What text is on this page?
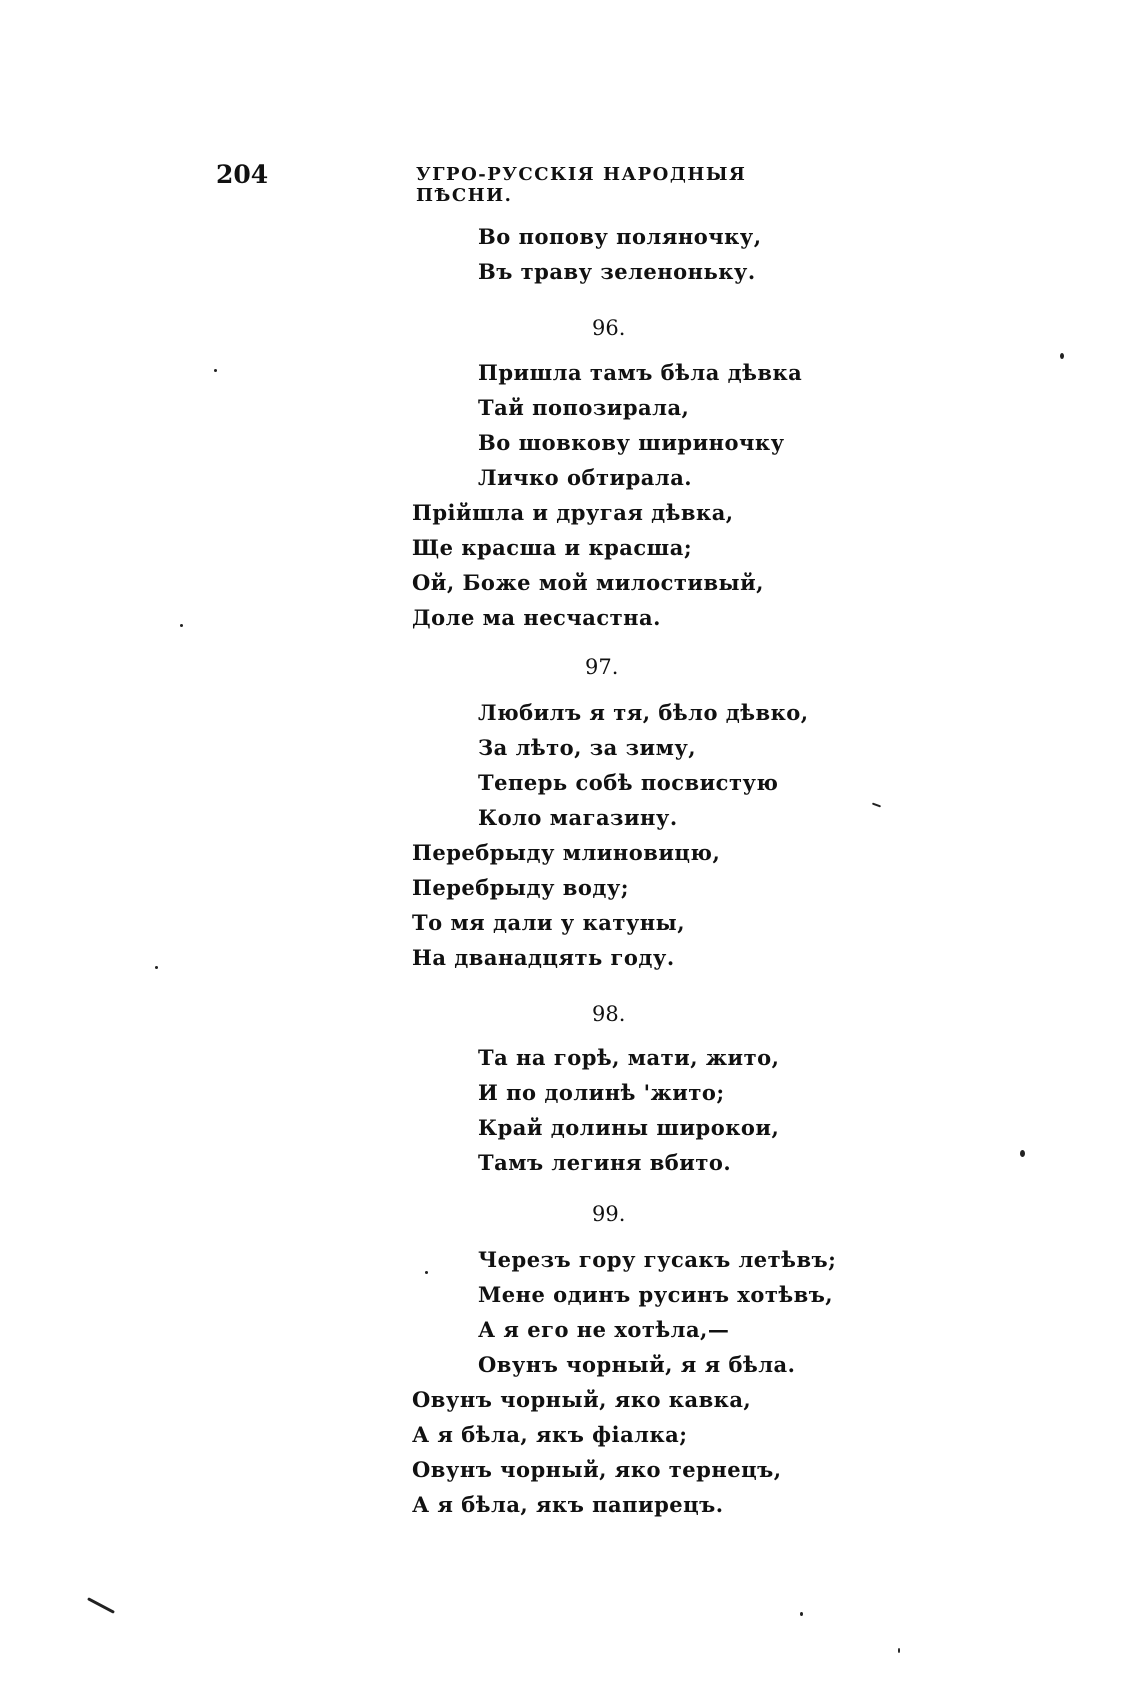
204	УГРО-РУССКІЯ НАРОДНЫЯ ПѢСНИ.
Во попову поляночку,
Въ траву зеленоньку.
96.
Пришла тамъ бѣла дѣвка
Тай попозирала,
Во шовкову шириночку
Личко обтирала.
Прійшла и другая дѣвка,
Ще красша и красша;
Ой, Боже мой милостивый,
Доле ма несчастна.
97.
Любилъ я тя, бѣло дѣвко,
За лѣто, за зиму,
Теперь собѣ посвистую
Коло магазину.
Перебрыду млиновицю,
Перебрыду воду;
То мя дали у катуны,
На дванадцять году.
98.
Та на горѣ, мати, жито,
И по долинѣ 'жито;
Край долины широкои,
Тамъ легиня вбито.
99.
Черезъ гору гусакъ летѣвъ;
Мене одинъ русинъ хотѣвъ,
А я его не хотѣла,—
Овунъ чорный, я я бѣла.
Овунъ чорный, яко кавка,
А я бѣла, якъ фіалка;
Овунъ чорный, яко тернецъ,
А я бѣла, якъ папирецъ.
